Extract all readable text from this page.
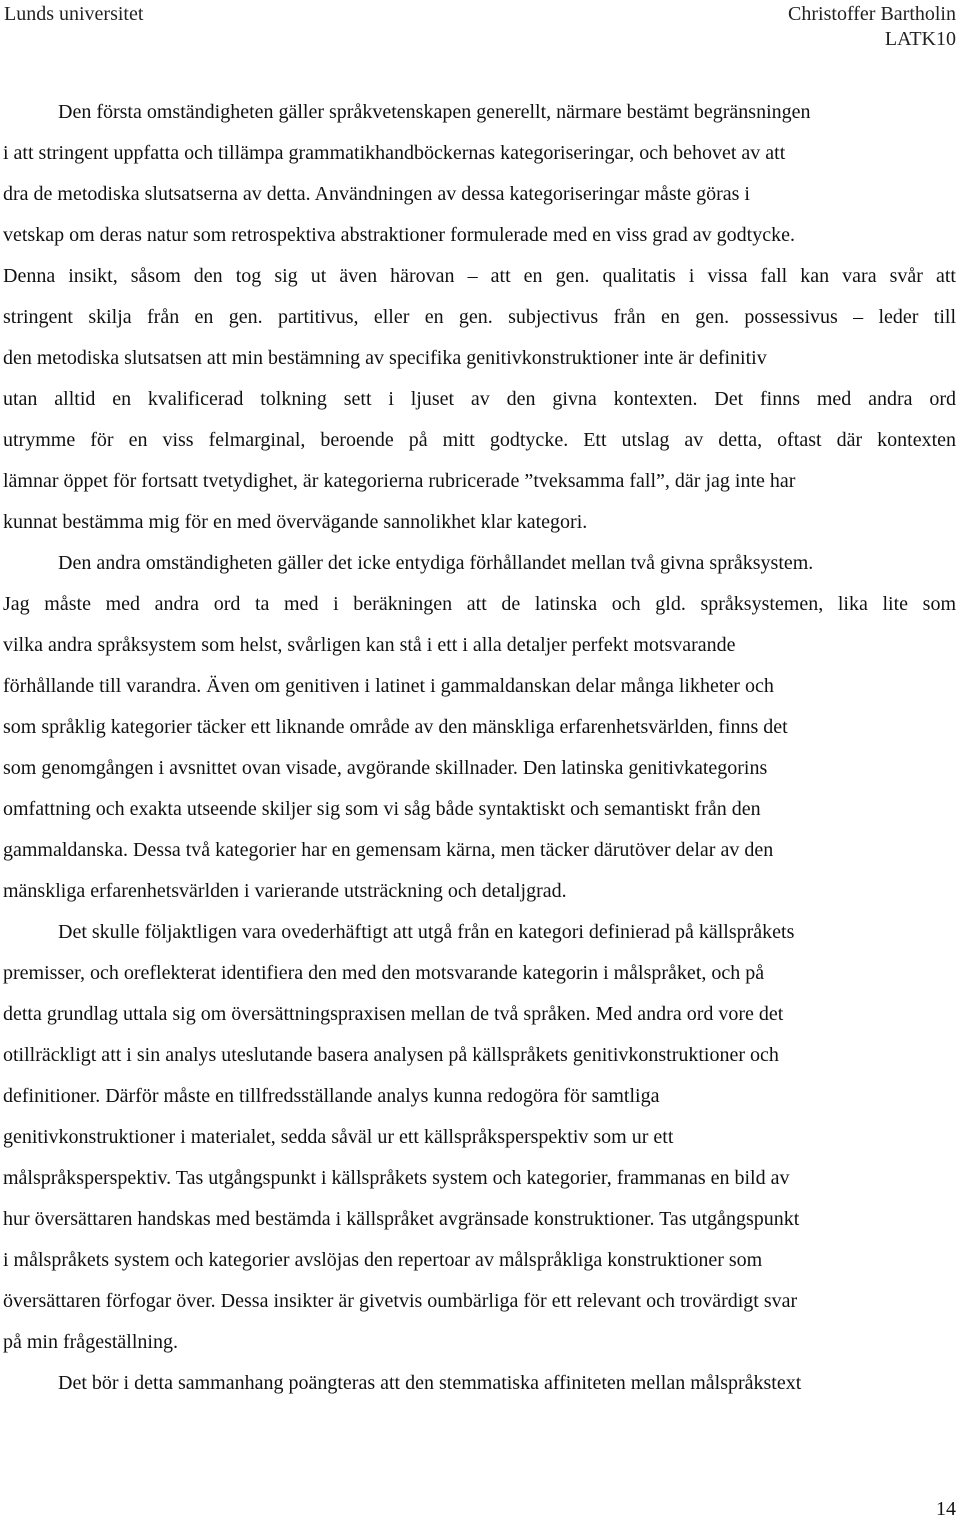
Lunds universitet	Christoffer Bartholin
LATK10
Den första omständigheten gäller språkvetenskapen generellt, närmare bestämt begränsningen
i att stringent uppfatta och tillämpa grammatikhandböckernas kategoriseringar, och behovet av att
dra de metodiska slutsatserna av detta. Användningen av dessa kategoriseringar måste göras i
vetskap om deras natur som retrospektiva abstraktioner formulerade med en viss grad av godtycke.
Denna insikt, såsom den tog sig ut även härovan – att en gen. qualitatis i vissa fall kan vara svår att
stringent skilja från en gen. partitivus, eller en gen. subjectivus från en gen. possessivus – leder till
den metodiska slutsatsen att min bestämning av specifika genitivkonstruktioner inte är definitiv
utan alltid en kvalificerad tolkning sett i ljuset av den givna kontexten. Det finns med andra ord
utrymme för en viss felmarginal, beroende på mitt godtycke. Ett utslag av detta, oftast där kontexten
lämnar öppet för fortsatt tvetydighet, är kategorierna rubricerade ”tveksamma fall”, där jag inte har
kunnat bestämma mig för en med övervägande sannolikhet klar kategori.
Den andra omständigheten gäller det icke entydiga förhållandet mellan två givna språksystem.
Jag måste med andra ord ta med i beräkningen att de latinska och gld. språksystemen, lika lite som
vilka andra språksystem som helst, svårligen kan stå i ett i alla detaljer perfekt motsvarande
förhållande till varandra. Även om genitiven i latinet i gammaldanskan delar många likheter och
som språklig kategorier täcker ett liknande område av den mänskliga erfarenhetsvärlden, finns det
som genomgången i avsnittet ovan visade, avgörande skillnader. Den latinska genitivkategorins
omfattning och exakta utseende skiljer sig som vi såg både syntaktiskt och semantiskt från den
gammaldanska. Dessa två kategorier har en gemensam kärna, men täcker därutöver delar av den
mänskliga erfarenhetsvärlden i varierande utsträckning och detaljgrad.
Det skulle följaktligen vara ovederhäftigt att utgå från en kategori definierad på källspråkets
premisser, och oreflekterat identifiera den med den motsvarande kategorin i målspråket, och på
detta grundlag uttala sig om översättningspraxisen mellan de två språken. Med andra ord vore det
otillräckligt att i sin analys uteslutande basera analysen på källspråkets genitivkonstruktioner och
definitioner. Därför måste en tillfredsställande analys kunna redogöra för samtliga
genitivkonstruktioner i materialet, sedda såväl ur ett källspråksperspektiv som ur ett
målspråksperspektiv. Tas utgångspunkt i källspråkets system och kategorier, frammanas en bild av
hur översättaren handskas med bestämda i källspråket avgränsade konstruktioner. Tas utgångspunkt
i målspråkets system och kategorier avslöjas den repertoar av målspråkliga konstruktioner som
översättaren förfogar över. Dessa insikter är givetvis oumbärliga för ett relevant och trovärdigt svar
på min frågeställning.
Det bör i detta sammanhang poängteras att den stemmatiska affiniteten mellan målspråkstext
14
